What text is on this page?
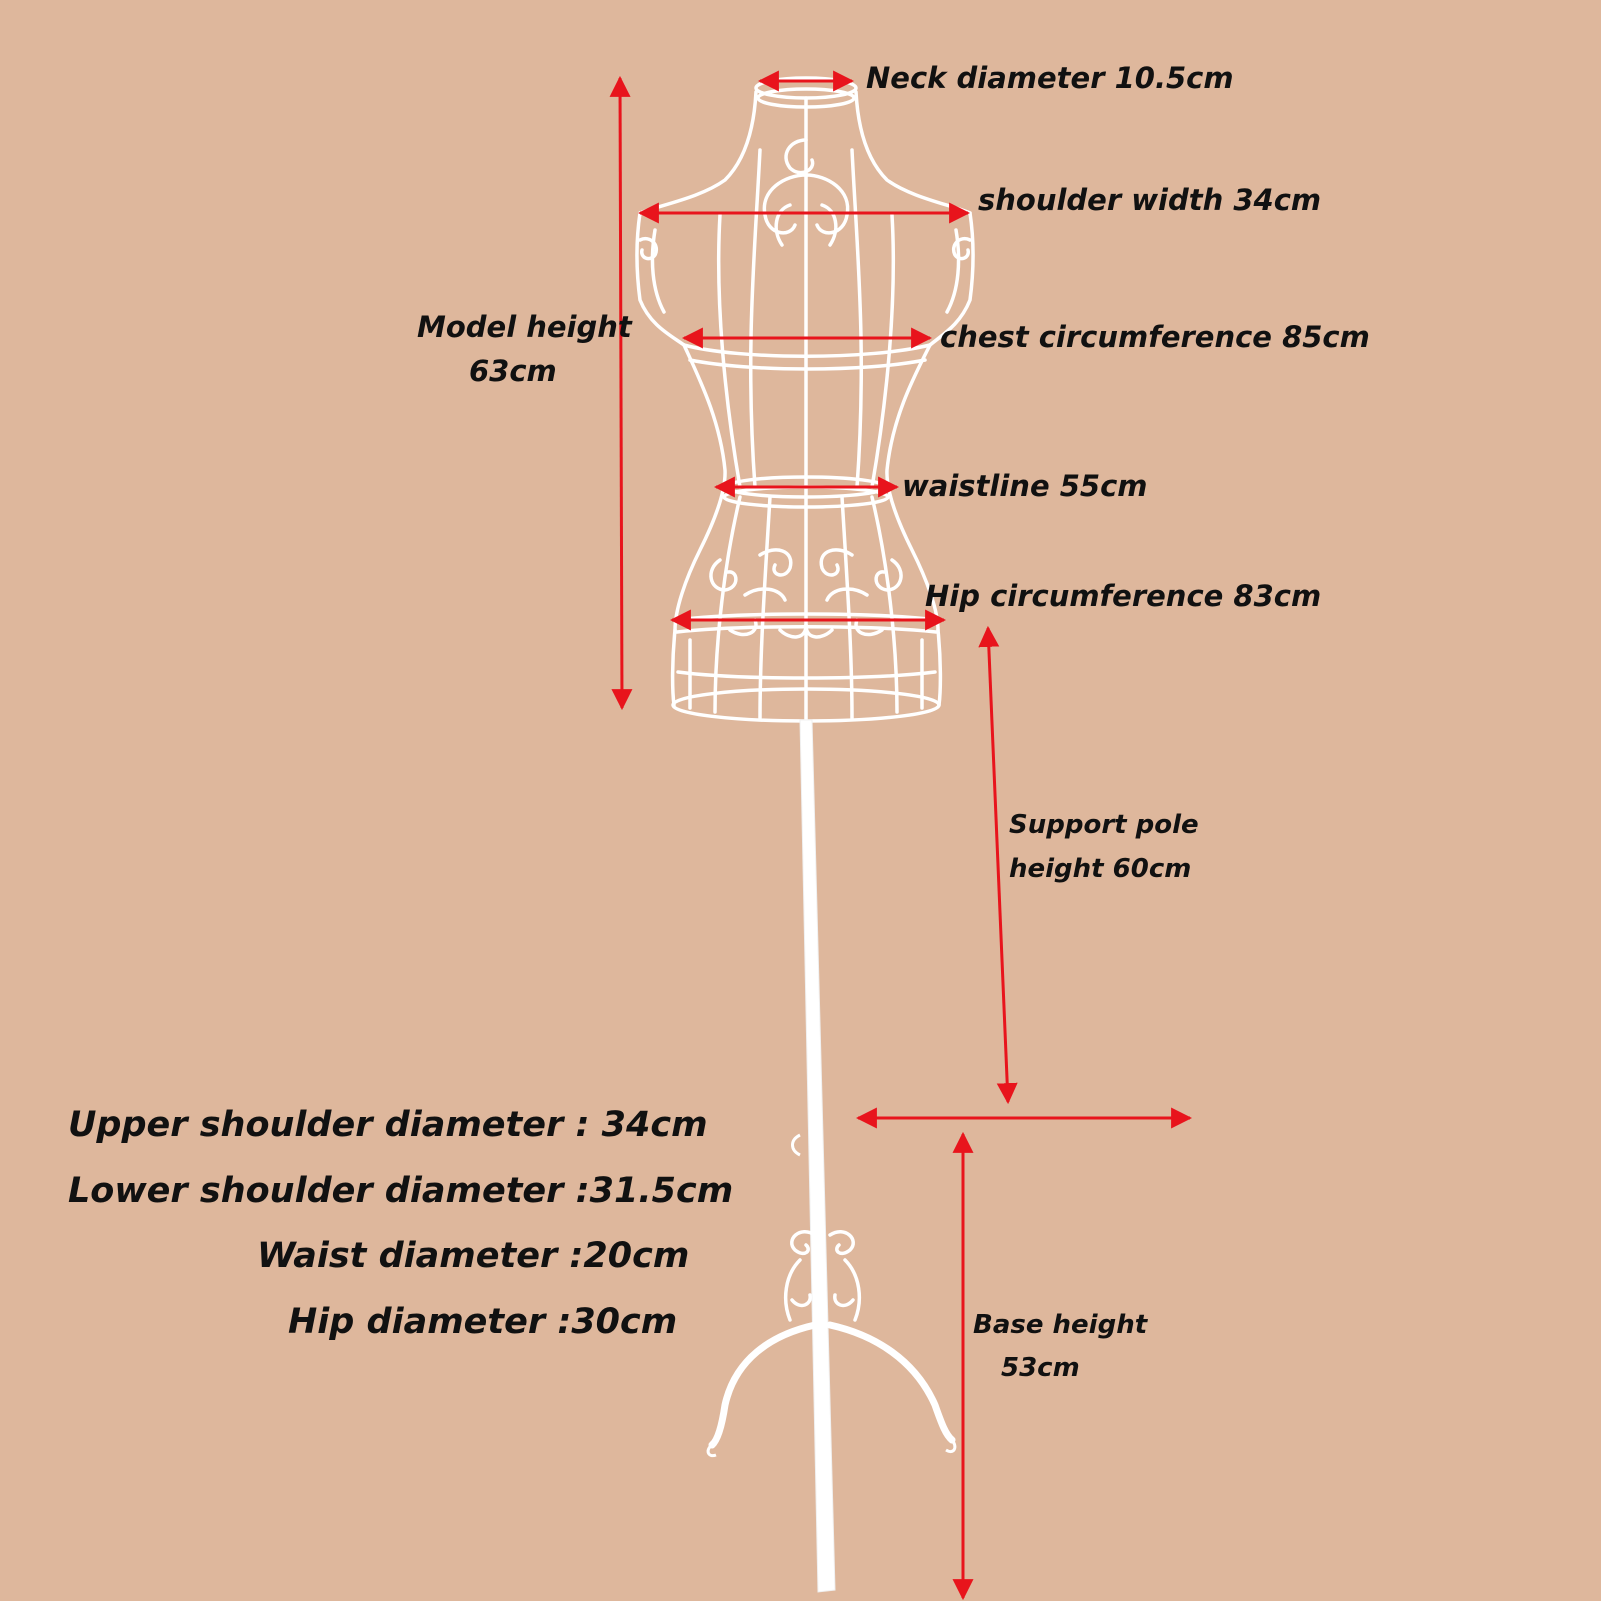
Neck diameter 10.5cm
shoulder width 34cm
chest circumference 85cm
waistline 55cm
Hip circumference 83cm
Model height
63cm
Support pole
height 60cm
Base height
53cm
Upper shoulder diameter : 34cm
Lower shoulder diameter :31.5cm
Waist diameter :20cm
Hip diameter :30cm
